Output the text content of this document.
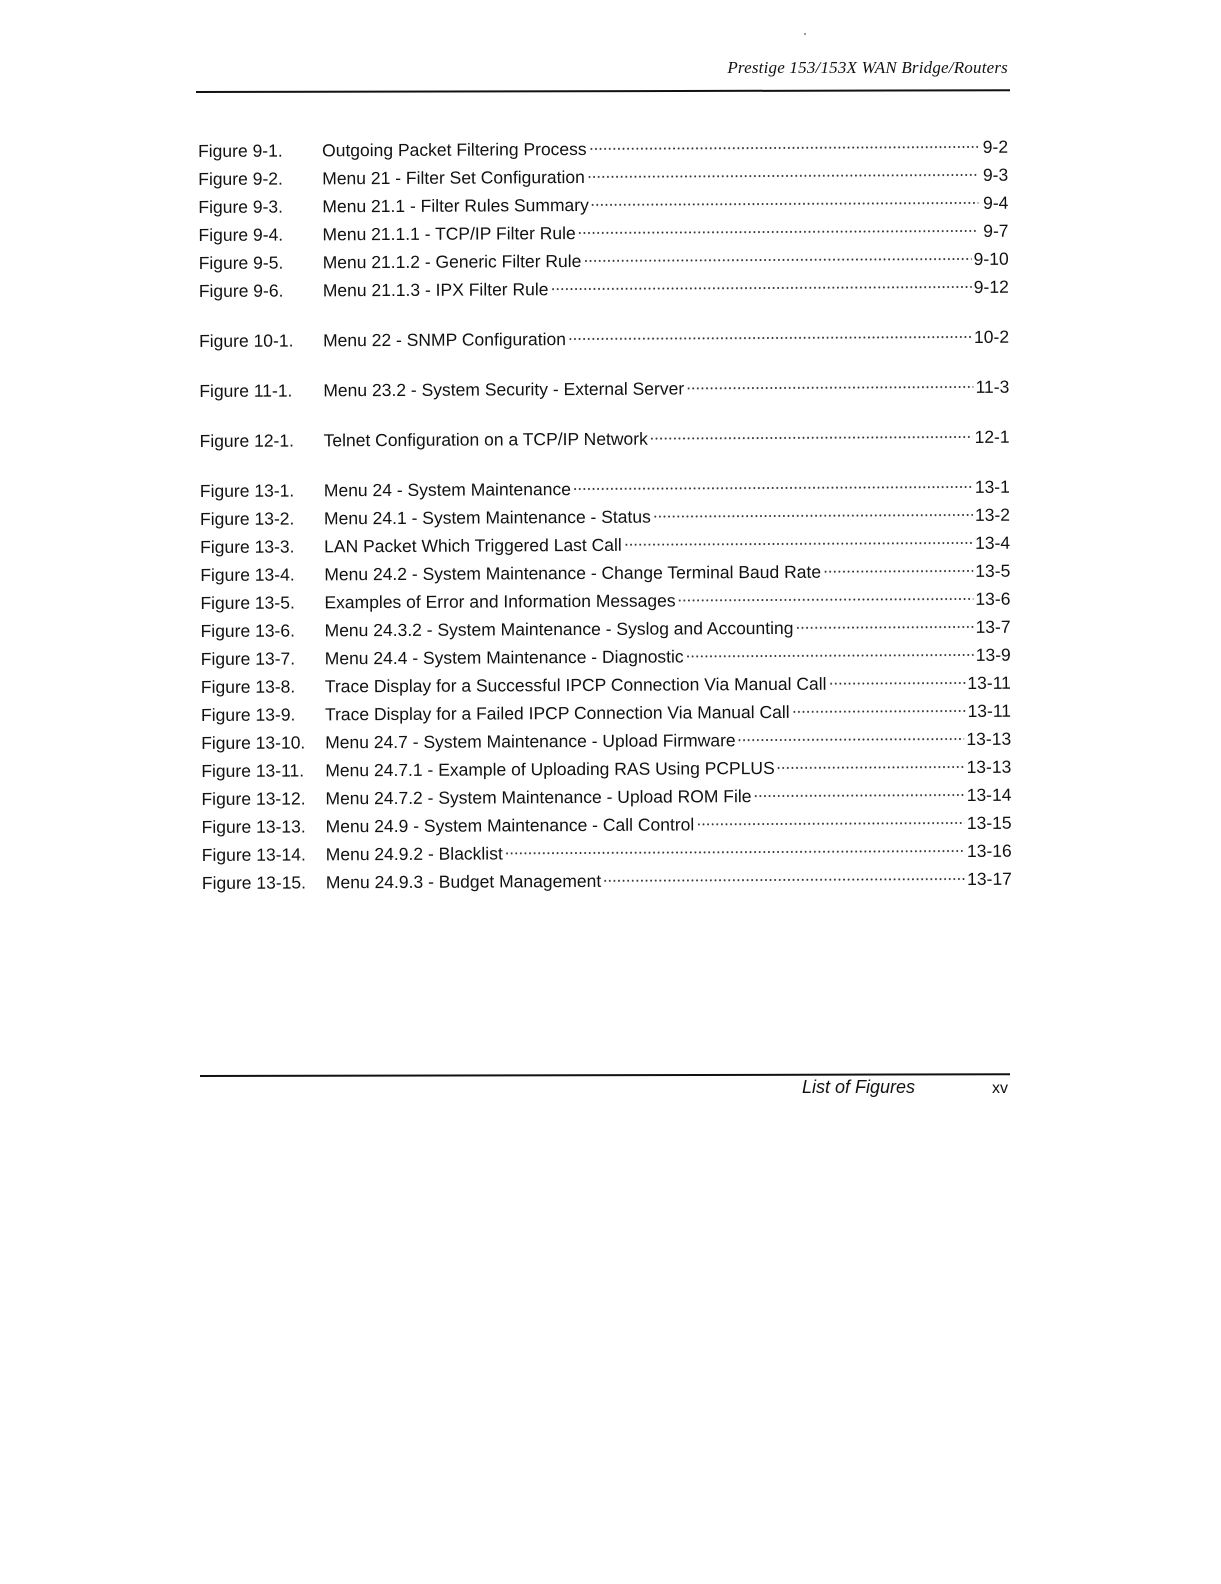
Prestige 153/153X WAN Bridge/Routers
Figure 9-1.	Outgoing Packet Filtering Process	9-2
Figure 9-2.	Menu 21 - Filter Set Configuration	9-3
Figure 9-3.	Menu 21.1 - Filter Rules Summary	9-4
Figure 9-4.	Menu 21.1.1 - TCP/IP Filter Rule	9-7
Figure 9-5.	Menu 21.1.2 - Generic Filter Rule	9-10
Figure 9-6.	Menu 21.1.3 - IPX Filter Rule	9-12
Figure 10-1.	Menu 22 - SNMP Configuration	10-2
Figure 11-1.	Menu 23.2 - System Security - External Server	11-3
Figure 12-1.	Telnet Configuration on a TCP/IP Network	12-1
Figure 13-1.	Menu 24 - System Maintenance	13-1
Figure 13-2.	Menu 24.1 - System Maintenance - Status	13-2
Figure 13-3.	LAN Packet Which Triggered Last Call	13-4
Figure 13-4.	Menu 24.2 - System Maintenance - Change Terminal Baud Rate	13-5
Figure 13-5.	Examples of Error and Information Messages	13-6
Figure 13-6.	Menu 24.3.2 - System Maintenance - Syslog and Accounting	13-7
Figure 13-7.	Menu 24.4 - System Maintenance - Diagnostic	13-9
Figure 13-8.	Trace Display for a Successful IPCP Connection Via Manual Call	13-11
Figure 13-9.	Trace Display for a Failed IPCP Connection Via Manual Call	13-11
Figure 13-10.	Menu 24.7 - System Maintenance - Upload Firmware	13-13
Figure 13-11.	Menu 24.7.1 - Example of Uploading RAS Using PCPLUS	13-13
Figure 13-12.	Menu 24.7.2 - System Maintenance - Upload ROM File	13-14
Figure 13-13.	Menu 24.9 - System Maintenance - Call Control	13-15
Figure 13-14.	Menu 24.9.2 - Blacklist	13-16
Figure 13-15.	Menu 24.9.3 - Budget Management	13-17
List of Figures	xv
